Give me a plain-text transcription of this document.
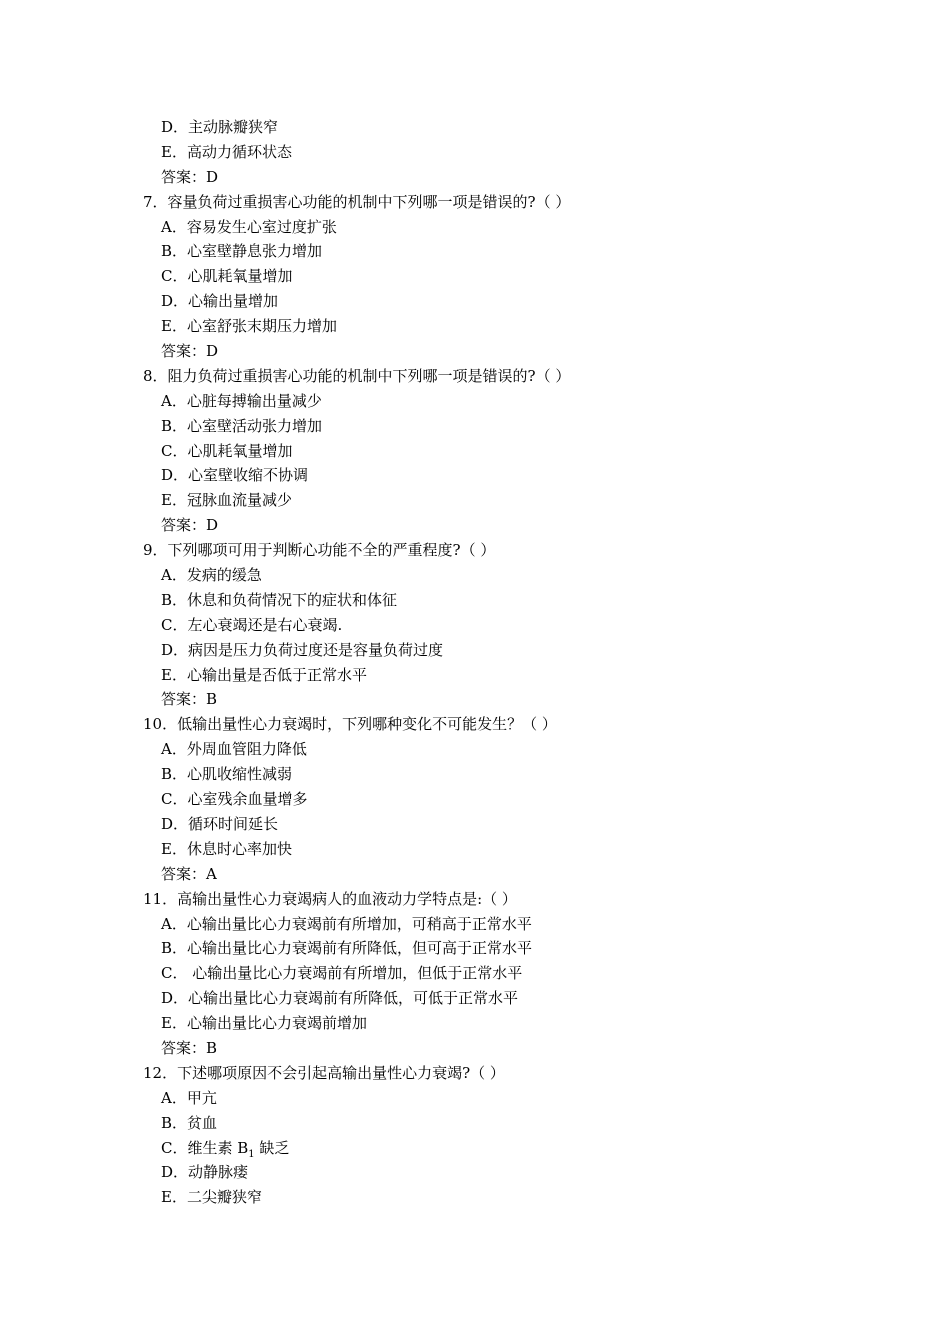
D．主动脉瓣狭窄
E．高动力循环状态
答案：D
7．容量负荷过重损害心功能的机制中下列哪一项是错误的?（ ）
A．容易发生心室过度扩张
B．心室壁静息张力增加
C．心肌耗氧量增加
D．心输出量增加
E．心室舒张末期压力增加
答案：D
8．阻力负荷过重损害心功能的机制中下列哪一项是错误的?（ ）
A．心脏每搏输出量减少
B．心室壁活动张力增加
C．心肌耗氧量增加
D．心室壁收缩不协调
E．冠脉血流量减少
答案：D
9．下列哪项可用于判断心功能不全的严重程度?（ ）
A．发病的缓急
B．休息和负荷情况下的症状和体征
C．左心衰竭还是右心衰竭.
D．病因是压力负荷过度还是容量负荷过度
E．心输出量是否低于正常水平
答案：B
10．低输出量性心力衰竭时，下列哪种变化不可能发生？（ ）
A．外周血管阻力降低
B．心肌收缩性减弱
C．心室残余血量增多
D．循环时间延长
E．休息时心率加快
答案：A
11．高输出量性心力衰竭病人的血液动力学特点是:（ ）
A．心输出量比心力衰竭前有所增加，可稍高于正常水平
B．心输出量比心力衰竭前有所降低，但可高于正常水平
C． 心输出量比心力衰竭前有所增加，但低于正常水平
D．心输出量比心力衰竭前有所降低，可低于正常水平
E．心输出量比心力衰竭前增加
答案：B
12．下述哪项原因不会引起高输出量性心力衰竭?（ ）
A．甲亢
B．贫血
C．维生素 $B_1$ 缺乏
D．动静脉瘘
E．二尖瓣狭窄
